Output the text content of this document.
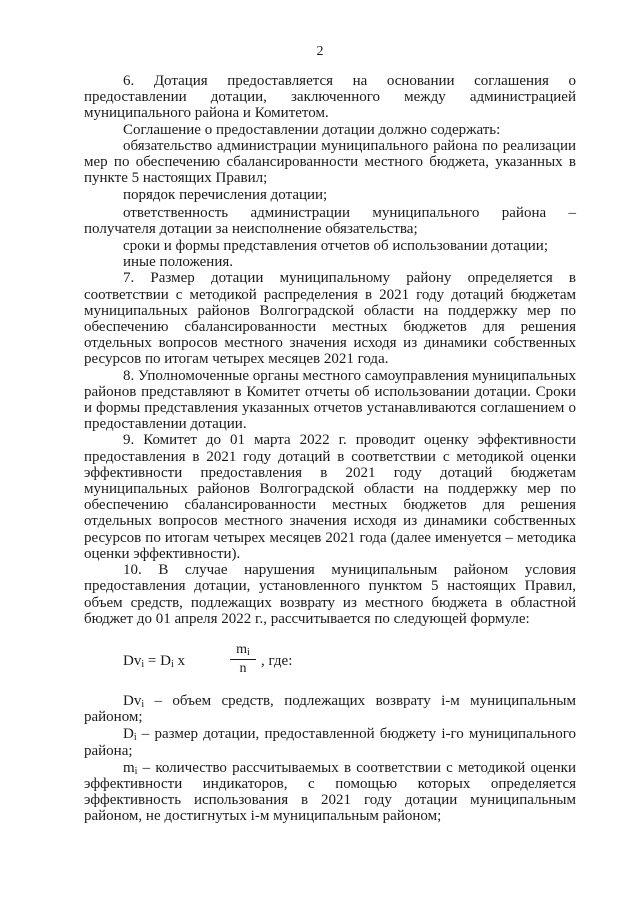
2

6. Дотация предоставляется на основании соглашения о предоставлении дотации, заключенного между администрацией муниципального района и Комитетом.

Соглашение о предоставлении дотации должно содержать:

обязательство администрации муниципального района по реализации мер по обеспечению сбалансированности местного бюджета, указанных в пункте 5 настоящих Правил;

порядок перечисления дотации;

ответственность администрации муниципального района – получателя дотации за неисполнение обязательства;

сроки и формы представления отчетов об использовании дотации;

иные положения.

7. Размер дотации муниципальному району определяется в соответствии с методикой распределения в 2021 году дотаций бюджетам муниципальных районов Волгоградской области на поддержку мер по обеспечению сбалансированности местных бюджетов для решения отдельных вопросов местного значения исходя из динамики собственных ресурсов по итогам четырех месяцев 2021 года.

8. Уполномоченные органы местного самоуправления муниципальных районов представляют в Комитет отчеты об использовании дотации. Сроки и формы представления указанных отчетов устанавливаются соглашением о предоставлении дотации.

9. Комитет до 01 марта 2022 г. проводит оценку эффективности предоставления в 2021 году дотаций в соответствии с методикой оценки эффективности предоставления в 2021 году дотаций бюджетам муниципальных районов Волгоградской области на поддержку мер по обеспечению сбалансированности местных бюджетов для решения отдельных вопросов местного значения исходя из динамики собственных ресурсов по итогам четырех месяцев 2021 года (далее именуется – методика оценки эффективности).

10. В случае нарушения муниципальным районом условия предоставления дотации, установленного пунктом 5 настоящих Правил, объем средств, подлежащих возврату из местного бюджета в областной бюджет до 01 апреля 2022 г., рассчитывается по следующей формуле:

$Dv_i = D_i$ x	$\frac{m_i}{n}$ , где:

$Dv_i$ – объем средств, подлежащих возврату i-м муниципальным районом;

$D_i$ – размер дотации, предоставленной бюджету i-го муниципального района;

$m_i$ – количество рассчитываемых в соответствии с методикой оценки эффективности индикаторов, с помощью которых определяется эффективность использования в 2021 году дотации муниципальным районом, не достигнутых i-м муниципальным районом;
